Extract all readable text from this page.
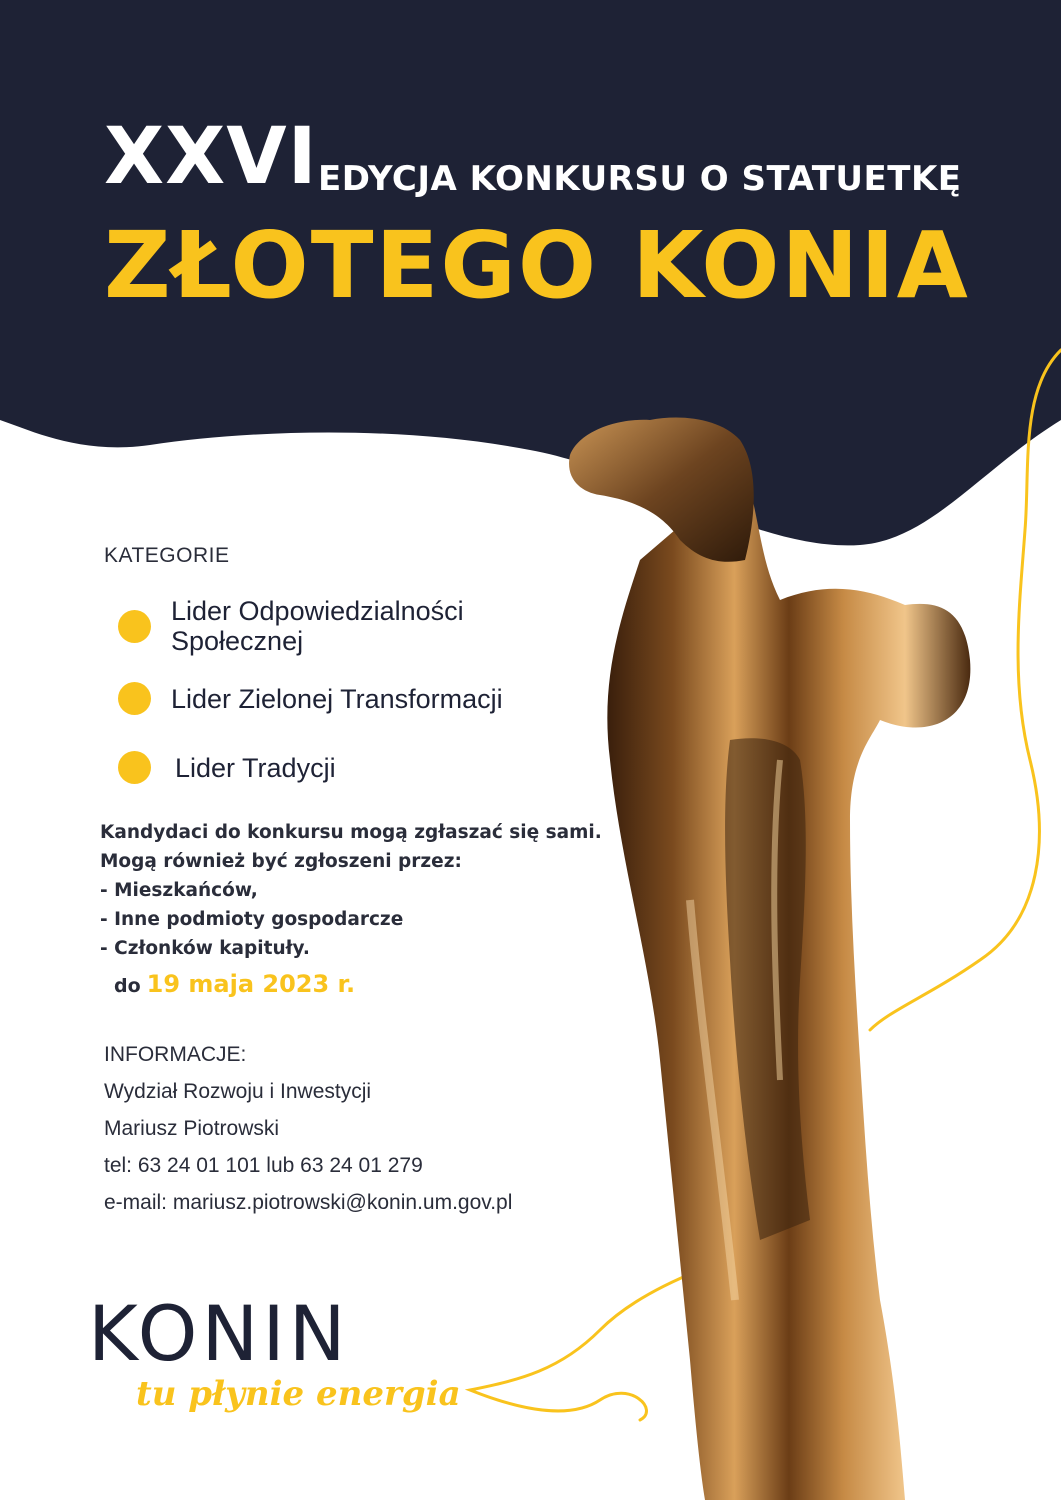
XXVI EDYCJA KONKURSU O STATUETKĘ
ZŁOTEGO KONIA
KATEGORIE
Lider Odpowiedzialności
Społecznej
Lider Zielonej Transformacji
Lider Tradycji
Kandydaci do konkursu mogą zgłaszać się sami.
Mogą również być zgłoszeni przez:
- Mieszkańców,
- Inne podmioty gospodarcze
- Członków kapituły.
do 19 maja 2023 r.
INFORMACJE:
Wydział Rozwoju i Inwestycji
Mariusz Piotrowski
tel: 63 24 01 101 lub 63 24 01 279
e-mail: mariusz.piotrowski@konin.um.gov.pl
KONIN
tu płynie energia
